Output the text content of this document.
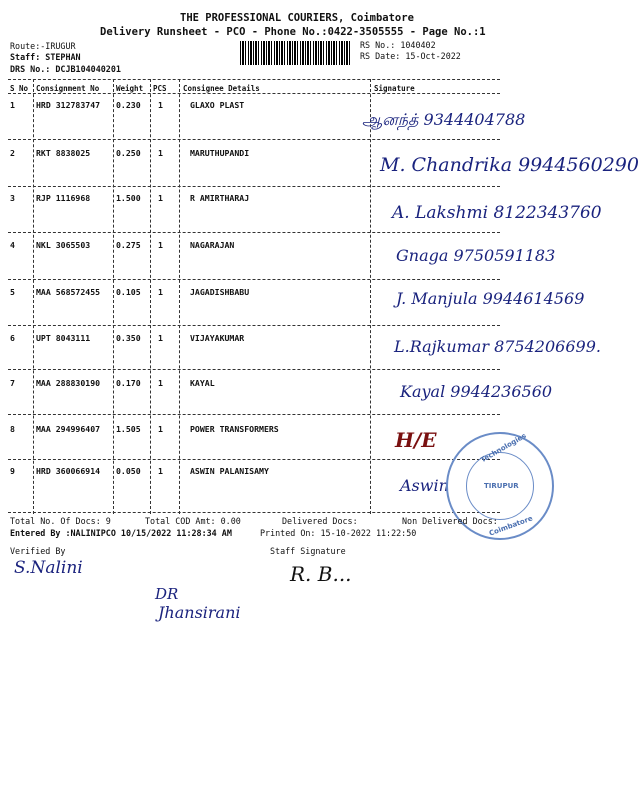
THE PROFESSIONAL COURIERS, Coimbatore
Delivery Runsheet - PCO - Phone No.:0422-3505555 - Page No.:1
Route:-IRUGUR
Staff: STEPHAN
DRS No.: DCJB104040201
RS No.: 1040402
RS Date: 15-Oct-2022
S No Consignment No Weight PCS Consignee Details	Signature
1	HRD 312783747 0.230 1	GLAXO PLAST
ஆனந்த் 9344404788
2	RKT 8838025	0.250 1	MARUTHUPANDI
M. Chandrika 9944560290
3	RJP 1116968	1.500 1	R AMIRTHARAJ
A. Lakshmi 8122343760
4	NKL 3065503	0.275 1	NAGARAJAN
Gnaga 9750591183
5	MAA 568572455 0.105 1	JAGADISHBABU	J. Manjula 9944614569
6	UPT 8043111	0.350 1	VIJAYAKUMAR	L.Rajkumar 8754206699.
7	MAA 288830190 0.170 1	KAYAL	Kayal 9944236560
8	MAA 294996407 1.505 1	POWER TRANSFORMERS	H/E
9	HRD 360066914 0.050 1	ASWIN PALANISAMY
Aswin
Technologies
TIRUPUR
Coimbatore
Total No. Of Docs: 9	Total COD Amt: 0.00	Delivered Docs:	Non Delivered Docs:
Entered By :NALINIPCO 10/15/2022 11:28:34 AM	Printed On: 15-10-2022 11:22:50
Verified By	Staff Signature
S.Nalini	R. B...
DR
Jhansirani
